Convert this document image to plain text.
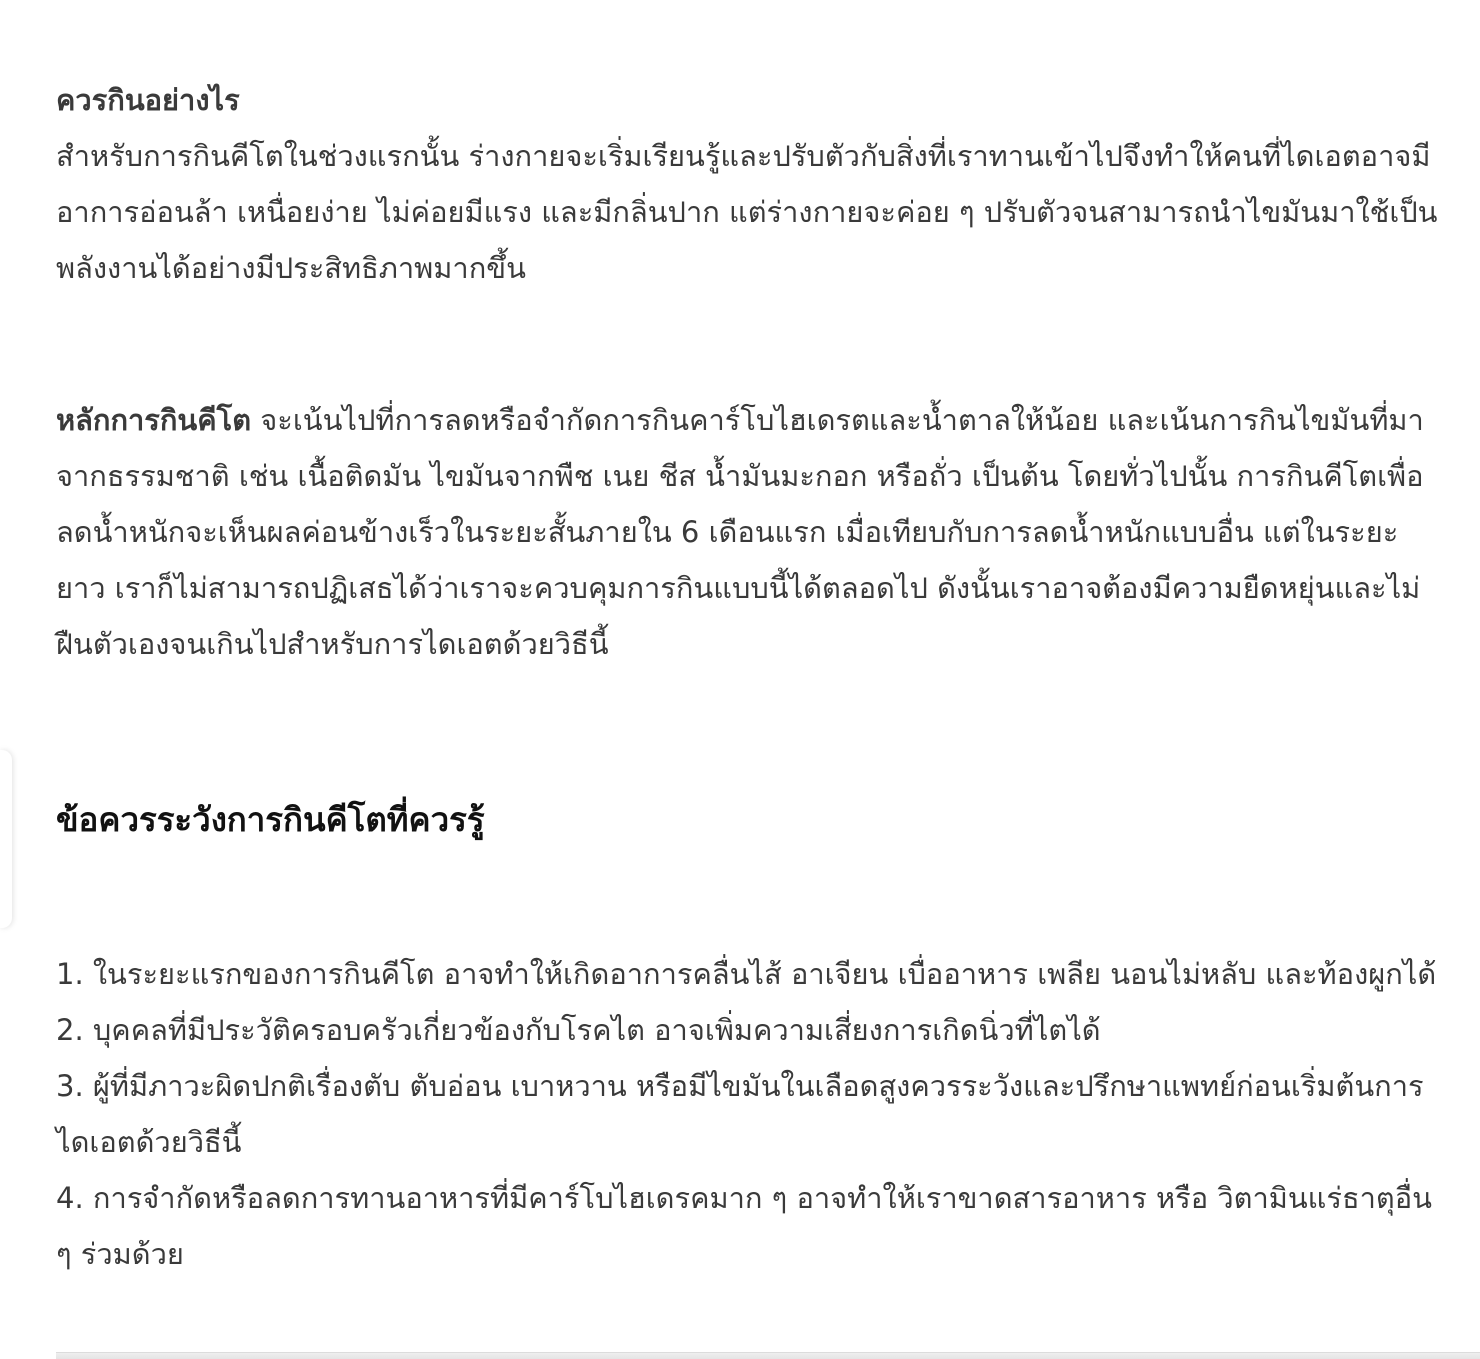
ควรกินอย่างไร
สำหรับการกินคีโตในช่วงแรกนั้น ร่างกายจะเริ่มเรียนรู้และปรับตัวกับสิ่งที่เราทานเข้าไปจึงทำให้คนที่ไดเอตอาจมีอาการอ่อนล้า เหนื่อยง่าย ไม่ค่อยมีแรง และมีกลิ่นปาก แต่ร่างกายจะค่อย ๆ ปรับตัวจนสามารถนำไขมันมาใช้เป็นพลังงานได้อย่างมีประสิทธิภาพมากขึ้น

หลักการกินคีโต จะเน้นไปที่การลดหรือจำกัดการกินคาร์โบไฮเดรตและน้ำตาลให้น้อย และเน้นการกินไขมันที่มาจากธรรมชาติ เช่น เนื้อติดมัน ไขมันจากพืช เนย ชีส น้ำมันมะกอก หรือถั่ว เป็นต้น โดยทั่วไปนั้น การกินคีโตเพื่อลดน้ำหนักจะเห็นผลค่อนข้างเร็วในระยะสั้นภายใน 6 เดือนแรก เมื่อเทียบกับการลดน้ำหนักแบบอื่น แต่ในระยะยาว เราก็ไม่สามารถปฏิเสธได้ว่าเราจะควบคุมการกินแบบนี้ได้ตลอดไป ดังนั้นเราอาจต้องมีความยืดหยุ่นและไม่ฝืนตัวเองจนเกินไปสำหรับการไดเอตด้วยวิธีนี้

ข้อควรระวังการกินคีโตที่ควรรู้
1. ในระยะแรกของการกินคีโต อาจทำให้เกิดอาการคลื่นไส้ อาเจียน เบื่ออาหาร เพลีย นอนไม่หลับ และท้องผูกได้
2. บุคคลที่มีประวัติครอบครัวเกี่ยวข้องกับโรคไต อาจเพิ่มความเสี่ยงการเกิดนิ่วที่ไตได้
3. ผู้ที่มีภาวะผิดปกติเรื่องตับ ตับอ่อน เบาหวาน หรือมีไขมันในเลือดสูงควรระวังและปรึกษาแพทย์ก่อนเริ่มต้นการไดเอตด้วยวิธีนี้
4. การจำกัดหรือลดการทานอาหารที่มีคาร์โบไฮเดรคมาก ๆ อาจทำให้เราขาดสารอาหาร หรือ วิตามินแร่ธาตุอื่น ๆ ร่วมด้วย
